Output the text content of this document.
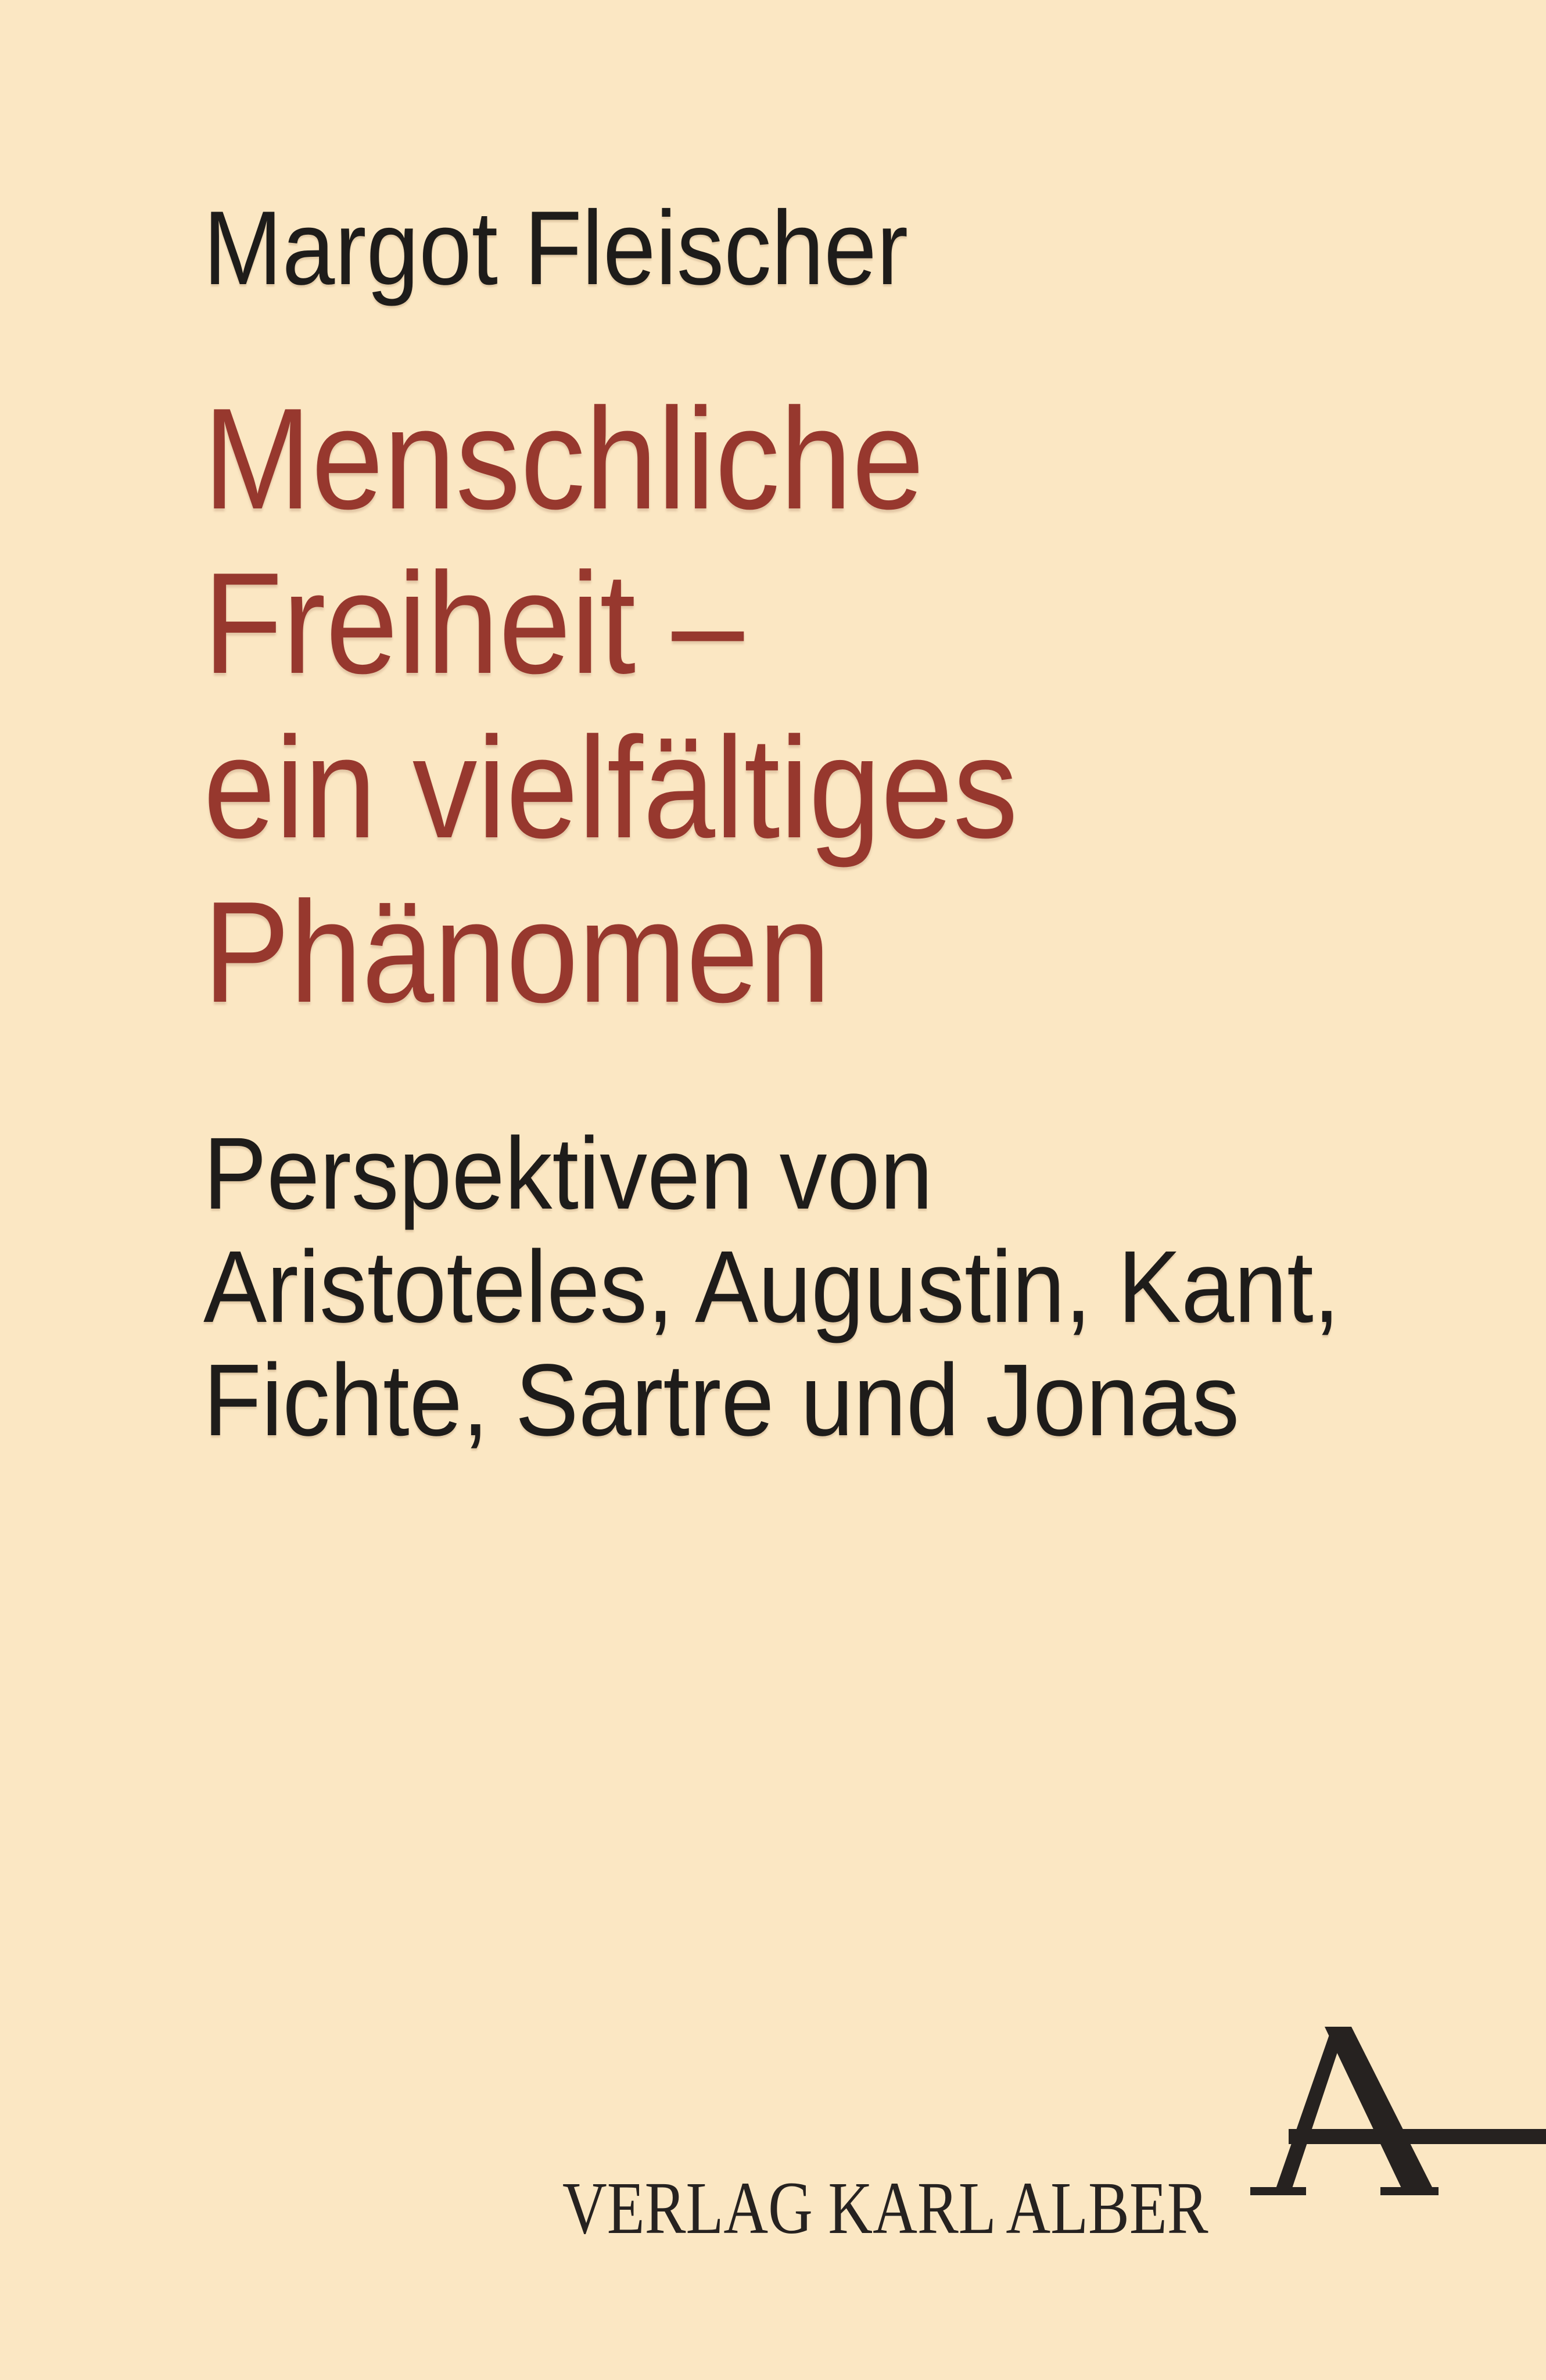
Margot Fleischer
Menschliche
Freiheit –
ein vielfältiges
Phänomen
Perspektiven von
Aristoteles, Augustin, Kant,
Fichte, Sartre und Jonas
VERLAG KARL ALBER
